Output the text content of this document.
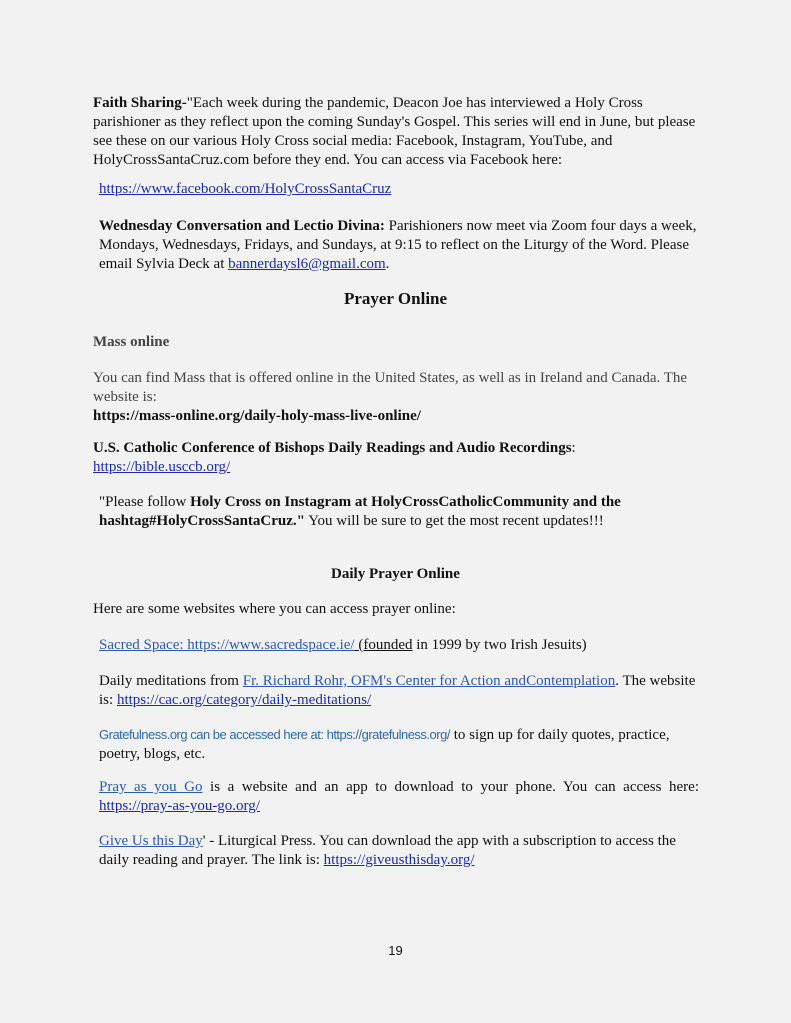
Faith Sharing-"Each week during the pandemic, Deacon Joe has interviewed a Holy Cross parishioner as they reflect upon the coming Sunday's Gospel. This series will end in June, but please see these on our various Holy Cross social media: Facebook, Instagram, YouTube, and HolyCrossSantaCruz.com before they end. You can access via Facebook here:

https://www.facebook.com/HolyCrossSantaCruz

Wednesday Conversation and Lectio Divina: Parishioners now meet via Zoom four days a week, Mondays, Wednesdays, Fridays, and Sundays, at 9:15 to reflect on the Liturgy of the Word. Please email Sylvia Deck at bannerdaysl6@gmail.com.

Prayer Online
Mass online

You can find Mass that is offered online in the United States, as well as in Ireland and Canada. The website is:

https://mass-online.org/daily-holy-mass-live-online/

U.S. Catholic Conference of Bishops Daily Readings and Audio Recordings:

https://bible.usccb.org/

"Please follow Holy Cross on Instagram at HolyCrossCatholicCommunity and the hashtag#HolyCrossSantaCruz." You will be sure to get the most recent updates!!!

Daily Prayer Online
Here are some websites where you can access prayer online:
Sacred Space: https://www.sacredspace.ie/ (founded in 1999 by two Irish Jesuits)

Daily meditations from Fr. Richard Rohr, OFM's Center for Action andContemplation. The website is: https://cac.org/category/daily-meditations/

Gratefulness.org can be accessed here at: https://gratefulness.org/ to sign up for daily quotes, practice, poetry, blogs, etc.

Pray as you Go is a website and an app to download to your phone. You can access here: https://pray-as-you-go.org/

Give Us this Day' - Liturgical Press. You can download the app with a subscription to access the daily reading and prayer. The link is: https://giveusthisday.org/

19
